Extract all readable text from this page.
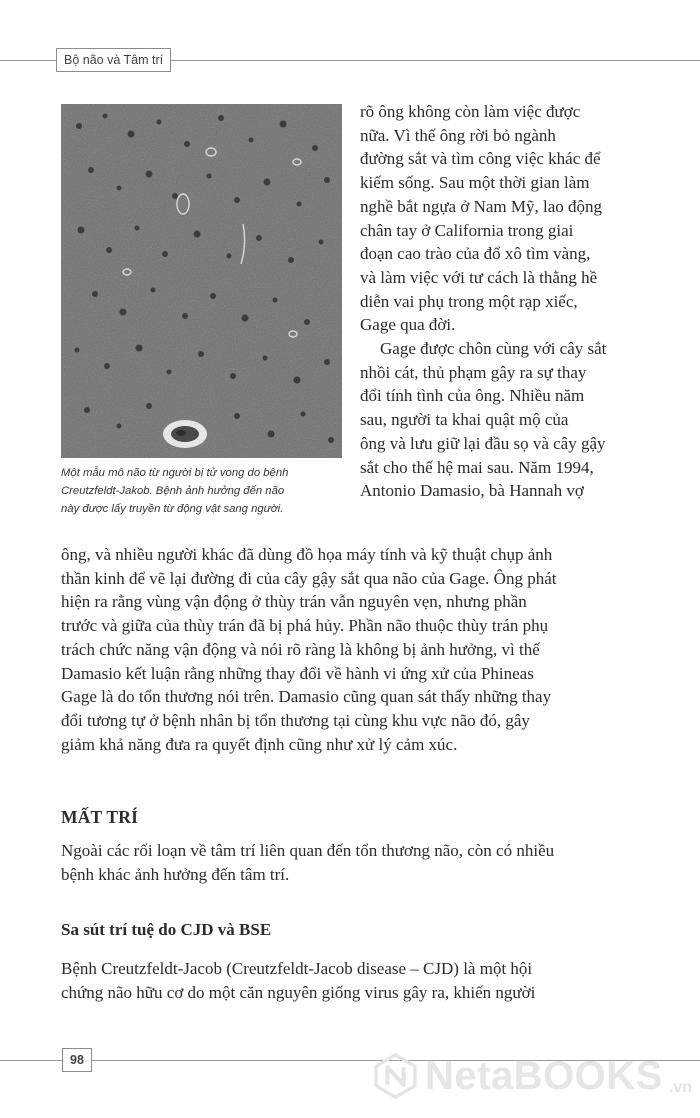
Bộ não và Tâm trí
Một mẫu mô não từ người bị tử vong do bệnh
Creutzfeldt-Jakob. Bệnh ảnh hưởng đến não
này được lấy truyền từ động vật sang người.
rõ ông không còn làm việc được
nữa. Vì thế ông rời bỏ ngành
đường sắt và tìm công việc khác để
kiếm sống. Sau một thời gian làm
nghề bắt ngựa ở Nam Mỹ, lao động
chân tay ở California trong giai
đoạn cao trào của đổ xô tìm vàng,
và làm việc với tư cách là thằng hề
diễn vai phụ trong một rạp xiếc,
Gage qua đời.
Gage được chôn cùng với cây sắt
nhồi cát, thủ phạm gây ra sự thay
đổi tính tình của ông. Nhiều năm
sau, người ta khai quật mộ của
ông và lưu giữ lại đầu sọ và cây gậy
sắt cho thế hệ mai sau. Năm 1994,
Antonio Damasio, bà Hannah vợ
ông, và nhiều người khác đã dùng đồ họa máy tính và kỹ thuật chụp ảnh
thần kinh để vẽ lại đường đi của cây gậy sắt qua não của Gage. Ông phát
hiện ra rằng vùng vận động ở thùy trán vẫn nguyên vẹn, nhưng phần
trước và giữa của thùy trán đã bị phá hủy. Phần não thuộc thùy trán phụ
trách chức năng vận động và nói rõ ràng là không bị ảnh hưởng, vì thế
Damasio kết luận rằng những thay đổi về hành vi ứng xử của Phineas
Gage là do tổn thương nói trên. Damasio cũng quan sát thấy những thay
đổi tương tự ở bệnh nhân bị tổn thương tại cùng khu vực não đó, gây
giảm khả năng đưa ra quyết định cũng như xử lý cảm xúc.
MẤT TRÍ
Ngoài các rối loạn về tâm trí liên quan đến tổn thương não, còn có nhiều
bệnh khác ảnh hưởng đến tâm trí.
Sa sút trí tuệ do CJD và BSE
Bệnh Creutzfeldt-Jacob (Creutzfeldt-Jacob disease – CJD) là một hội
chứng não hữu cơ do một căn nguyên giống virus gây ra, khiến người
98	NetaBOOKS .vn
